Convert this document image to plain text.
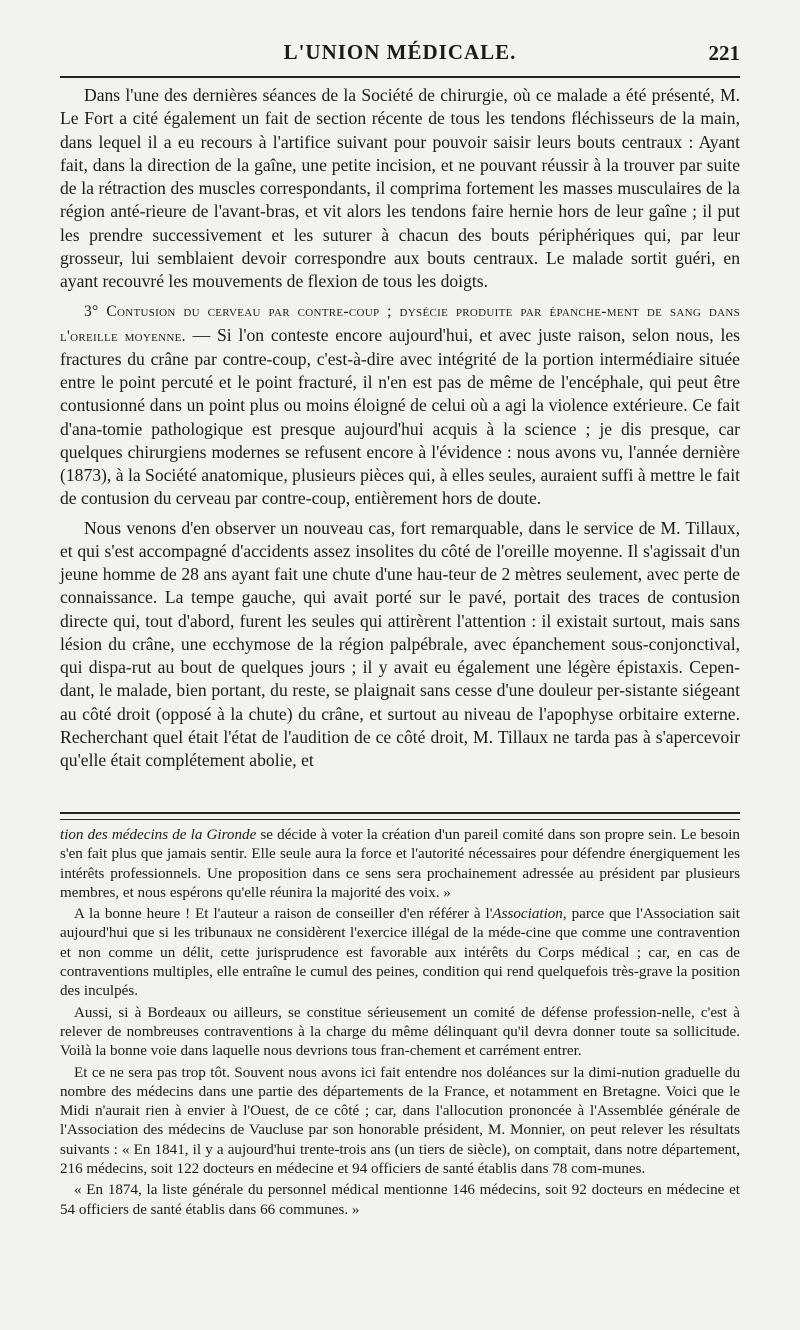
L'UNION MÉDICALE.	221

Dans l'une des dernières séances de la Société de chirurgie, où ce malade a été présenté, M. Le Fort a cité également un fait de section récente de tous les tendons fléchisseurs de la main, dans lequel il a eu recours à l'artifice suivant pour pouvoir saisir leurs bouts centraux : Ayant fait, dans la direction de la gaîne, une petite incision, et ne pouvant réussir à la trouver par suite de la rétraction des muscles correspondants, il comprima fortement les masses musculaires de la région anté-rieure de l'avant-bras, et vit alors les tendons faire hernie hors de leur gaîne ; il put les prendre successivement et les suturer à chacun des bouts périphériques qui, par leur grosseur, lui semblaient devoir correspondre aux bouts centraux. Le malade sortit guéri, en ayant recouvré les mouvements de flexion de tous les doigts.

3° Contusion du cerveau par contre-coup ; dysécie produite par épanche-ment de sang dans l'oreille moyenne. — Si l'on conteste encore aujourd'hui, et avec juste raison, selon nous, les fractures du crâne par contre-coup, c'est-à-dire avec intégrité de la portion intermédiaire située entre le point percuté et le point fracturé, il n'en est pas de même de l'encéphale, qui peut être contusionné dans un point plus ou moins éloigné de celui où a agi la violence extérieure. Ce fait d'ana-tomie pathologique est presque aujourd'hui acquis à la science ; je dis presque, car quelques chirurgiens modernes se refusent encore à l'évidence : nous avons vu, l'année dernière (1873), à la Société anatomique, plusieurs pièces qui, à elles seules, auraient suffi à mettre le fait de contusion du cerveau par contre-coup, entièrement hors de doute.

Nous venons d'en observer un nouveau cas, fort remarquable, dans le service de M. Tillaux, et qui s'est accompagné d'accidents assez insolites du côté de l'oreille moyenne. Il s'agissait d'un jeune homme de 28 ans ayant fait une chute d'une hau-teur de 2 mètres seulement, avec perte de connaissance. La tempe gauche, qui avait porté sur le pavé, portait des traces de contusion directe qui, tout d'abord, furent les seules qui attirèrent l'attention : il existait surtout, mais sans lésion du crâne, une ecchymose de la région palpébrale, avec épanchement sous-conjonctival, qui dispa-rut au bout de quelques jours ; il y avait eu également une légère épistaxis. Cepen-dant, le malade, bien portant, du reste, se plaignait sans cesse d'une douleur per-sistante siégeant au côté droit (opposé à la chute) du crâne, et surtout au niveau de l'apophyse orbitaire externe. Recherchant quel était l'état de l'audition de ce côté droit, M. Tillaux ne tarda pas à s'apercevoir qu'elle était complétement abolie, et

tion des médecins de la Gironde se décide à voter la création d'un pareil comité dans son propre sein. Le besoin s'en fait plus que jamais sentir. Elle seule aura la force et l'autorité nécessaires pour défendre énergiquement les intérêts professionnels. Une proposition dans ce sens sera prochainement adressée au président par plusieurs membres, et nous espérons qu'elle réunira la majorité des voix. »

A la bonne heure ! Et l'auteur a raison de conseiller d'en référer à l'Association, parce que l'Association sait aujourd'hui que si les tribunaux ne considèrent l'exercice illégal de la méde-cine que comme une contravention et non comme un délit, cette jurisprudence est favorable aux intérêts du Corps médical ; car, en cas de contraventions multiples, elle entraîne le cumul des peines, condition qui rend quelquefois très-grave la position des inculpés.

Aussi, si à Bordeaux ou ailleurs, se constitue sérieusement un comité de défense profession-nelle, c'est à relever de nombreuses contraventions à la charge du même délinquant qu'il devra donner toute sa sollicitude. Voilà la bonne voie dans laquelle nous devrions tous fran-chement et carrément entrer.

Et ce ne sera pas trop tôt. Souvent nous avons ici fait entendre nos doléances sur la dimi-nution graduelle du nombre des médecins dans une partie des départements de la France, et notamment en Bretagne. Voici que le Midi n'aurait rien à envier à l'Ouest, de ce côté ; car, dans l'allocution prononcée à l'Assemblée générale de l'Association des médecins de Vaucluse par son honorable président, M. Monnier, on peut relever les résultats suivants : « En 1841, il y a aujourd'hui trente-trois ans (un tiers de siècle), on comptait, dans notre département, 216 médecins, soit 122 docteurs en médecine et 94 officiers de santé établis dans 78 com-munes.

« En 1874, la liste générale du personnel médical mentionne 146 médecins, soit 92 docteurs en médecine et 54 officiers de santé établis dans 66 communes. »
